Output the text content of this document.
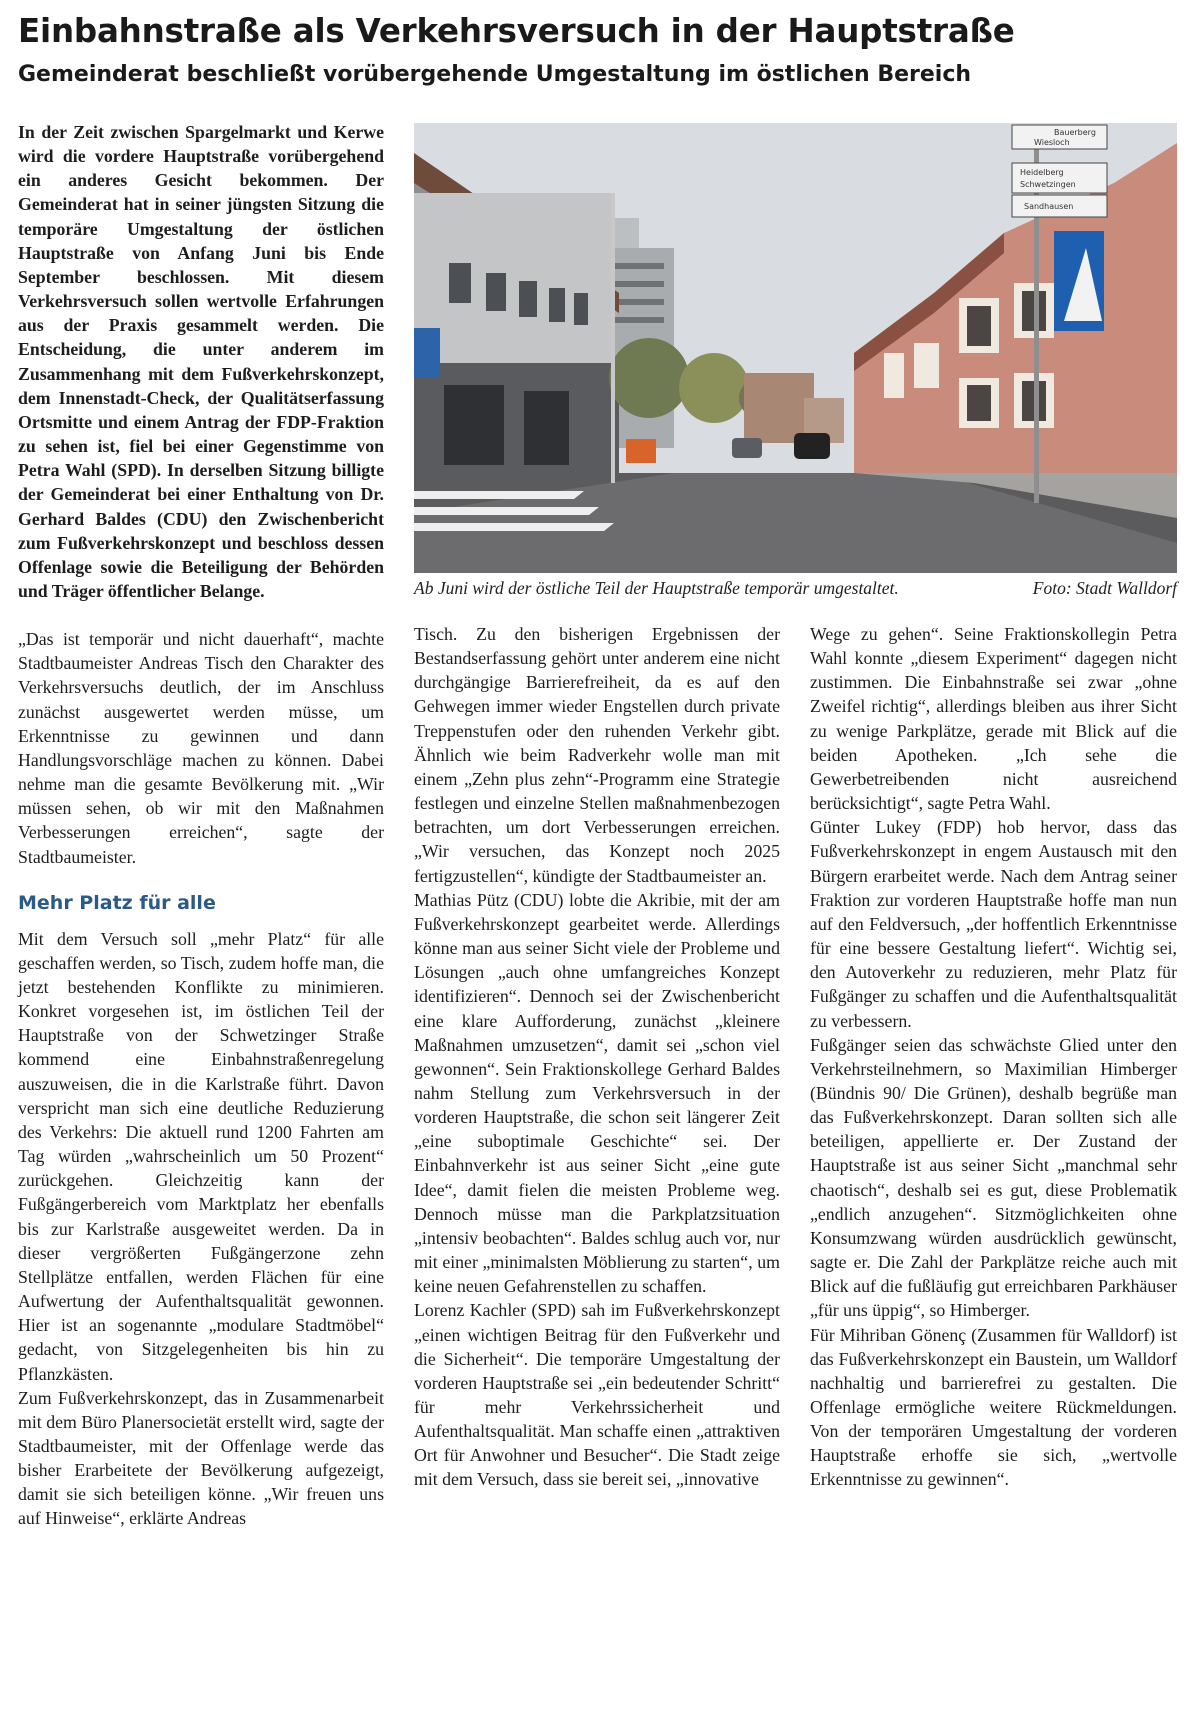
Einbahnstraße als Verkehrsversuch in der Hauptstraße
Gemeinderat beschließt vorübergehende Umgestaltung im östlichen Bereich

In der Zeit zwischen Spargelmarkt und Kerwe wird die vordere Hauptstraße vorübergehend ein anderes Gesicht bekommen. Der Gemeinderat hat in seiner jüngsten Sitzung die temporäre Umgestaltung der östlichen Hauptstraße von Anfang Juni bis Ende September beschlossen. Mit diesem Verkehrsversuch sollen wertvolle Erfahrungen aus der Praxis gesammelt werden. Die Entscheidung, die unter anderem im Zusammenhang mit dem Fußverkehrskonzept, dem Innenstadt-Check, der Qualitätserfassung Ortsmitte und einem Antrag der FDP-Fraktion zu sehen ist, fiel bei einer Gegenstimme von Petra Wahl (SPD). In derselben Sitzung billigte der Gemeinderat bei einer Enthaltung von Dr. Gerhard Baldes (CDU) den Zwischenbericht zum Fußverkehrskonzept und beschloss dessen Offenlage sowie die Beteiligung der Behörden und Träger öffentlicher Belange.

„Das ist temporär und nicht dauerhaft“, machte Stadtbaumeister Andreas Tisch den Charakter des Verkehrsversuchs deutlich, der im Anschluss zunächst ausgewertet werden müsse, um Erkenntnisse zu gewinnen und dann Handlungsvorschläge machen zu können. Dabei nehme man die gesamte Bevölkerung mit. „Wir müssen sehen, ob wir mit den Maßnahmen Verbesserungen erreichen“, sagte der Stadtbaumeister.

Mehr Platz für alle

Mit dem Versuch soll „mehr Platz“ für alle geschaffen werden, so Tisch, zudem hoffe man, die jetzt bestehenden Konflikte zu minimieren. Konkret vorgesehen ist, im östlichen Teil der Hauptstraße von der Schwetzinger Straße kommend eine Einbahnstraßenregelung auszuweisen, die in die Karlstraße führt. Davon verspricht man sich eine deutliche Reduzierung des Verkehrs: Die aktuell rund 1200 Fahrten am Tag würden „wahrscheinlich um 50 Prozent“ zurückgehen. Gleichzeitig kann der Fußgängerbereich vom Marktplatz her ebenfalls bis zur Karlstraße ausgeweitet werden. Da in dieser vergrößerten Fußgängerzone zehn Stellplätze entfallen, werden Flächen für eine Aufwertung der Aufenthaltsqualität gewonnen. Hier ist an sogenannte „modulare Stadtmöbel“ gedacht, von Sitzgelegenheiten bis hin zu Pflanzkästen.

Zum Fußverkehrskonzept, das in Zusammenarbeit mit dem Büro Planersocietät erstellt wird, sagte der Stadtbaumeister, mit der Offenlage werde das bisher Erarbeitete der Bevölkerung aufgezeigt, damit sie sich beteiligen könne. „Wir freuen uns auf Hinweise“, erklärte Andreas

Bauerberg
Wiesloch
Heidelberg
Schwetzingen
Sandhausen
Ab Juni wird der östliche Teil der Hauptstraße temporär umgestaltet.	Foto: Stadt Walldorf

Tisch. Zu den bisherigen Ergebnissen der Bestandserfassung gehört unter anderem eine nicht durchgängige Barrierefreiheit, da es auf den Gehwegen immer wieder Engstellen durch private Treppenstufen oder den ruhenden Verkehr gibt. Ähnlich wie beim Radverkehr wolle man mit einem „Zehn plus zehn“-Programm eine Strategie festlegen und einzelne Stellen maßnahmenbezogen betrachten, um dort Verbesserungen erreichen. „Wir versuchen, das Konzept noch 2025 fertigzustellen“, kündigte der Stadtbaumeister an.

Mathias Pütz (CDU) lobte die Akribie, mit der am Fußverkehrskonzept gearbeitet werde. Allerdings könne man aus seiner Sicht viele der Probleme und Lösungen „auch ohne umfangreiches Konzept identifizieren“. Dennoch sei der Zwischenbericht eine klare Aufforderung, zunächst „kleinere Maßnahmen umzusetzen“, damit sei „schon viel gewonnen“. Sein Fraktionskollege Gerhard Baldes nahm Stellung zum Verkehrsversuch in der vorderen Hauptstraße, die schon seit längerer Zeit „eine suboptimale Geschichte“ sei. Der Einbahnverkehr ist aus seiner Sicht „eine gute Idee“, damit fielen die meisten Probleme weg. Dennoch müsse man die Parkplatzsituation „intensiv beobachten“. Baldes schlug auch vor, nur mit einer „minimalsten Möblierung zu starten“, um keine neuen Gefahrenstellen zu schaffen.

Lorenz Kachler (SPD) sah im Fußverkehrskonzept „einen wichtigen Beitrag für den Fußverkehr und die Sicherheit“. Die temporäre Umgestaltung der vorderen Hauptstraße sei „ein bedeutender Schritt“ für mehr Verkehrssicherheit und Aufenthaltsqualität. Man schaffe einen „attraktiven Ort für Anwohner und Besucher“. Die Stadt zeige mit dem Versuch, dass sie bereit sei, „innovative

Wege zu gehen“. Seine Fraktionskollegin Petra Wahl konnte „diesem Experiment“ dagegen nicht zustimmen. Die Einbahnstraße sei zwar „ohne Zweifel richtig“, allerdings bleiben aus ihrer Sicht zu wenige Parkplätze, gerade mit Blick auf die beiden Apotheken. „Ich sehe die Gewerbetreibenden nicht ausreichend berücksichtigt“, sagte Petra Wahl.

Günter Lukey (FDP) hob hervor, dass das Fußverkehrskonzept in engem Austausch mit den Bürgern erarbeitet werde. Nach dem Antrag seiner Fraktion zur vorderen Hauptstraße hoffe man nun auf den Feldversuch, „der hoffentlich Erkenntnisse für eine bessere Gestaltung liefert“. Wichtig sei, den Autoverkehr zu reduzieren, mehr Platz für Fußgänger zu schaffen und die Aufenthaltsqualität zu verbessern.

Fußgänger seien das schwächste Glied unter den Verkehrsteilnehmern, so Maximilian Himberger (Bündnis 90/ Die Grünen), deshalb begrüße man das Fußverkehrskonzept. Daran sollten sich alle beteiligen, appellierte er. Der Zustand der Hauptstraße ist aus seiner Sicht „manchmal sehr chaotisch“, deshalb sei es gut, diese Problematik „endlich anzugehen“. Sitzmöglichkeiten ohne Konsumzwang würden ausdrücklich gewünscht, sagte er. Die Zahl der Parkplätze reiche auch mit Blick auf die fußläufig gut erreichbaren Parkhäuser „für uns üppig“, so Himberger.

Für Mihriban Gönenç (Zusammen für Walldorf) ist das Fußverkehrskonzept ein Baustein, um Walldorf nachhaltig und barrierefrei zu gestalten. Die Offenlage ermögliche weitere Rückmeldungen. Von der temporären Umgestaltung der vorderen Hauptstraße erhoffe sie sich, „wertvolle Erkenntnisse zu gewinnen“.
